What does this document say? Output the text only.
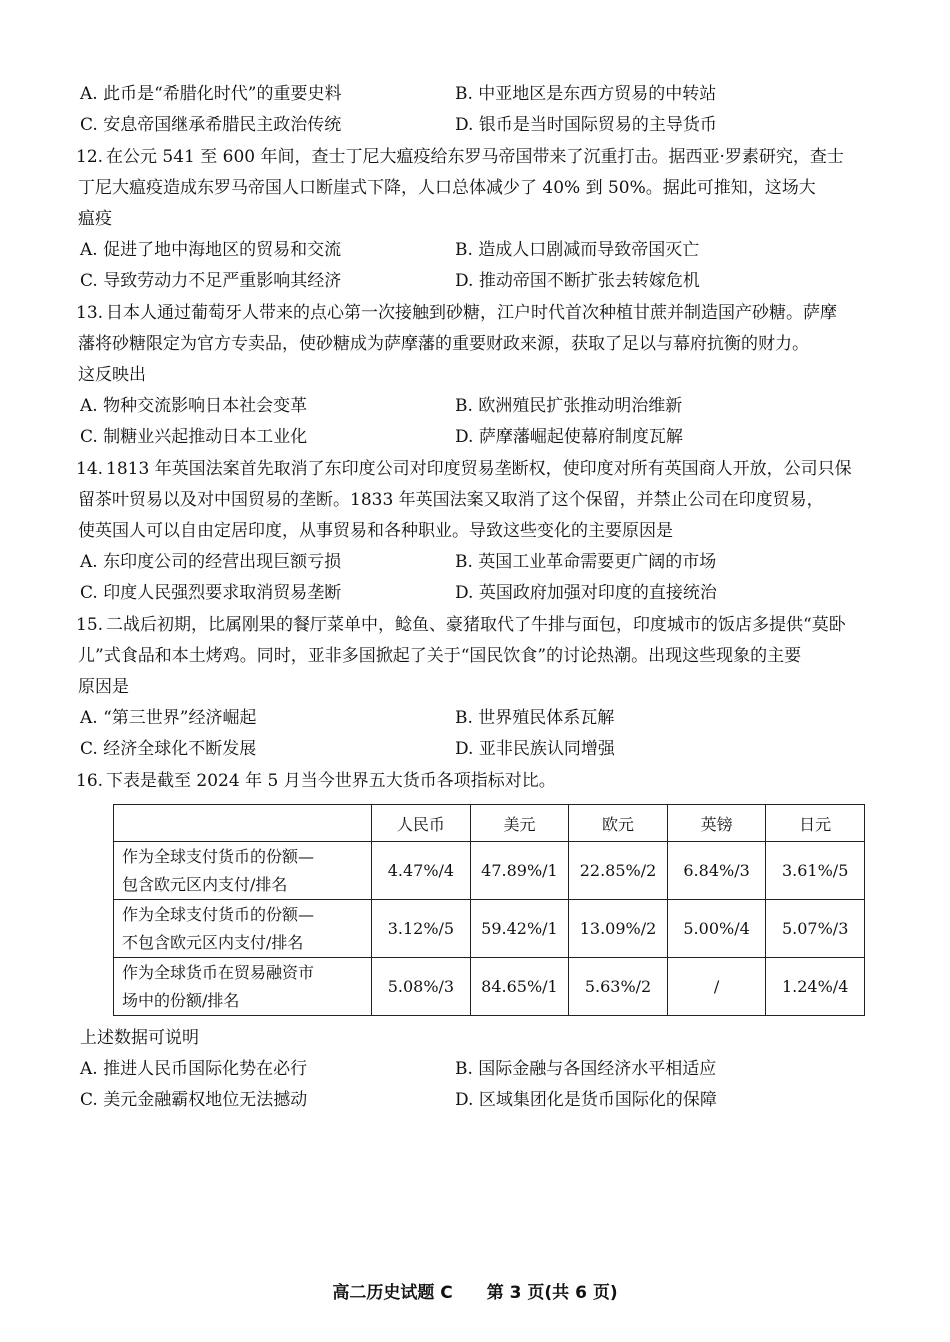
A. 此币是“希腊化时代”的重要史料	B. 中亚地区是东西方贸易的中转站
C. 安息帝国继承希腊民主政治传统	D. 银币是当时国际贸易的主导货币
12. 在公元 541 至 600 年间，查士丁尼大瘟疫给东罗马帝国带来了沉重打击。据西亚·罗素研究，查士
丁尼大瘟疫造成东罗马帝国人口断崖式下降，人口总体减少了 40% 到 50%。据此可推知，这场大
瘟疫
A. 促进了地中海地区的贸易和交流	B. 造成人口剧减而导致帝国灭亡
C. 导致劳动力不足严重影响其经济	D. 推动帝国不断扩张去转嫁危机
13. 日本人通过葡萄牙人带来的点心第一次接触到砂糖，江户时代首次种植甘蔗并制造国产砂糖。萨摩
藩将砂糖限定为官方专卖品，使砂糖成为萨摩藩的重要财政来源，获取了足以与幕府抗衡的财力。
这反映出
A. 物种交流影响日本社会变革	B. 欧洲殖民扩张推动明治维新
C. 制糖业兴起推动日本工业化	D. 萨摩藩崛起使幕府制度瓦解
14. 1813 年英国法案首先取消了东印度公司对印度贸易垄断权，使印度对所有英国商人开放，公司只保
留茶叶贸易以及对中国贸易的垄断。1833 年英国法案又取消了这个保留，并禁止公司在印度贸易，
使英国人可以自由定居印度，从事贸易和各种职业。导致这些变化的主要原因是
A. 东印度公司的经营出现巨额亏损	B. 英国工业革命需要更广阔的市场
C. 印度人民强烈要求取消贸易垄断	D. 英国政府加强对印度的直接统治
15. 二战后初期，比属刚果的餐厅菜单中，鲶鱼、豪猪取代了牛排与面包，印度城市的饭店多提供“莫卧
儿”式食品和本土烤鸡。同时，亚非多国掀起了关于“国民饮食”的讨论热潮。出现这些现象的主要
原因是
A. “第三世界”经济崛起	B. 世界殖民体系瓦解
C. 经济全球化不断发展	D. 亚非民族认同增强
16. 下表是截至 2024 年 5 月当今世界五大货币各项指标对比。
	人民币	美元	欧元	英镑	日元

作为全球支付货币的份额—
包含欧元区内支付/排名	4.47%/4	47.89%/1	22.85%/2	6.84%/3	3.61%/5

作为全球支付货币的份额—
不包含欧元区内支付/排名	3.12%/5	59.42%/1	13.09%/2	5.00%/4	5.07%/3

作为全球货币在贸易融资市
场中的份额/排名	5.08%/3	84.65%/1	5.63%/2	/	1.24%/4
上述数据可说明
A. 推进人民币国际化势在必行	B. 国际金融与各国经济水平相适应
C. 美元金融霸权地位无法撼动	D. 区域集团化是货币国际化的保障
高二历史试题 C 第 3 页(共 6 页)
